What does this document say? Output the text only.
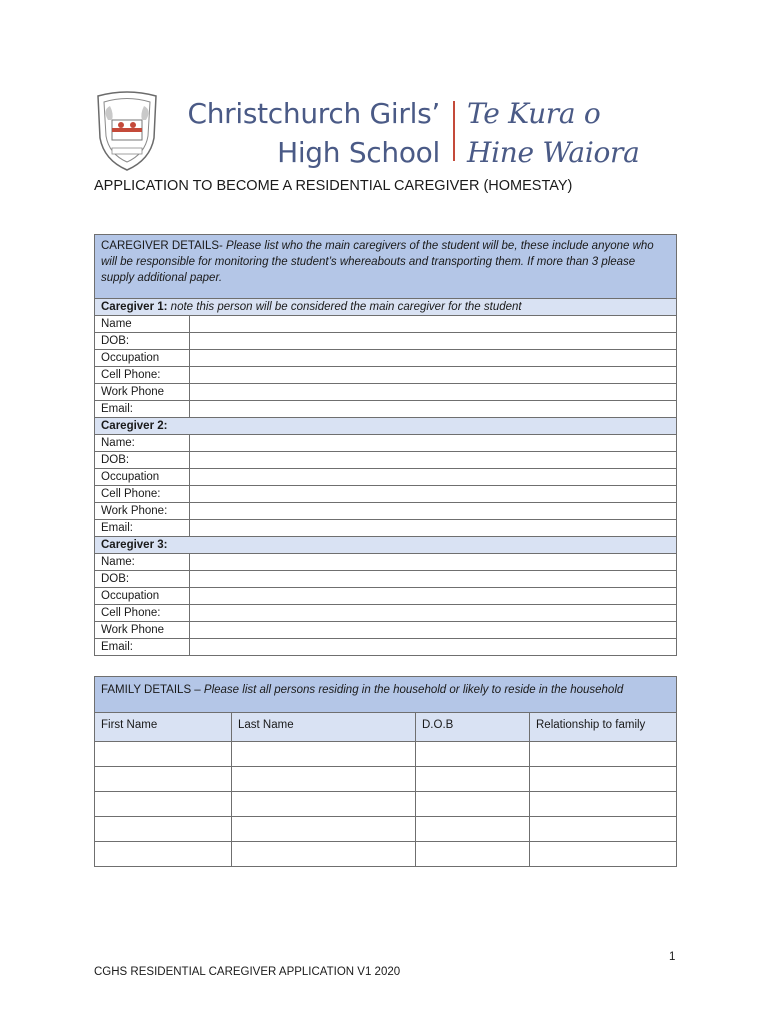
Christchurch Girls’
High School
Te Kura o
Hine Waiora
APPLICATION TO BECOME A RESIDENTIAL CAREGIVER (HOMESTAY)
CAREGIVER DETAILS- Please list who the main caregivers of the student will be, these include anyone who will be responsible for monitoring the student’s whereabouts and transporting them. If more than 3 please supply additional paper.	
Caregiver 1: note this person will be considered the main caregiver for the student	
Name	
DOB:	
Occupation	
Cell Phone:	
Work Phone	
Email:	
Caregiver 2:	
Name:	
DOB:	
Occupation	
Cell Phone:	
Work Phone:	
Email:	
Caregiver 3:	
Name:	
DOB:	
Occupation	
Cell Phone:	
Work Phone	
Email:	
FAMILY DETAILS – Please list all persons residing in the household or likely to reside in the household			
First Name	Last Name	D.O.B	Relationship to family

1
CGHS RESIDENTIAL CAREGIVER APPLICATION V1 2020
